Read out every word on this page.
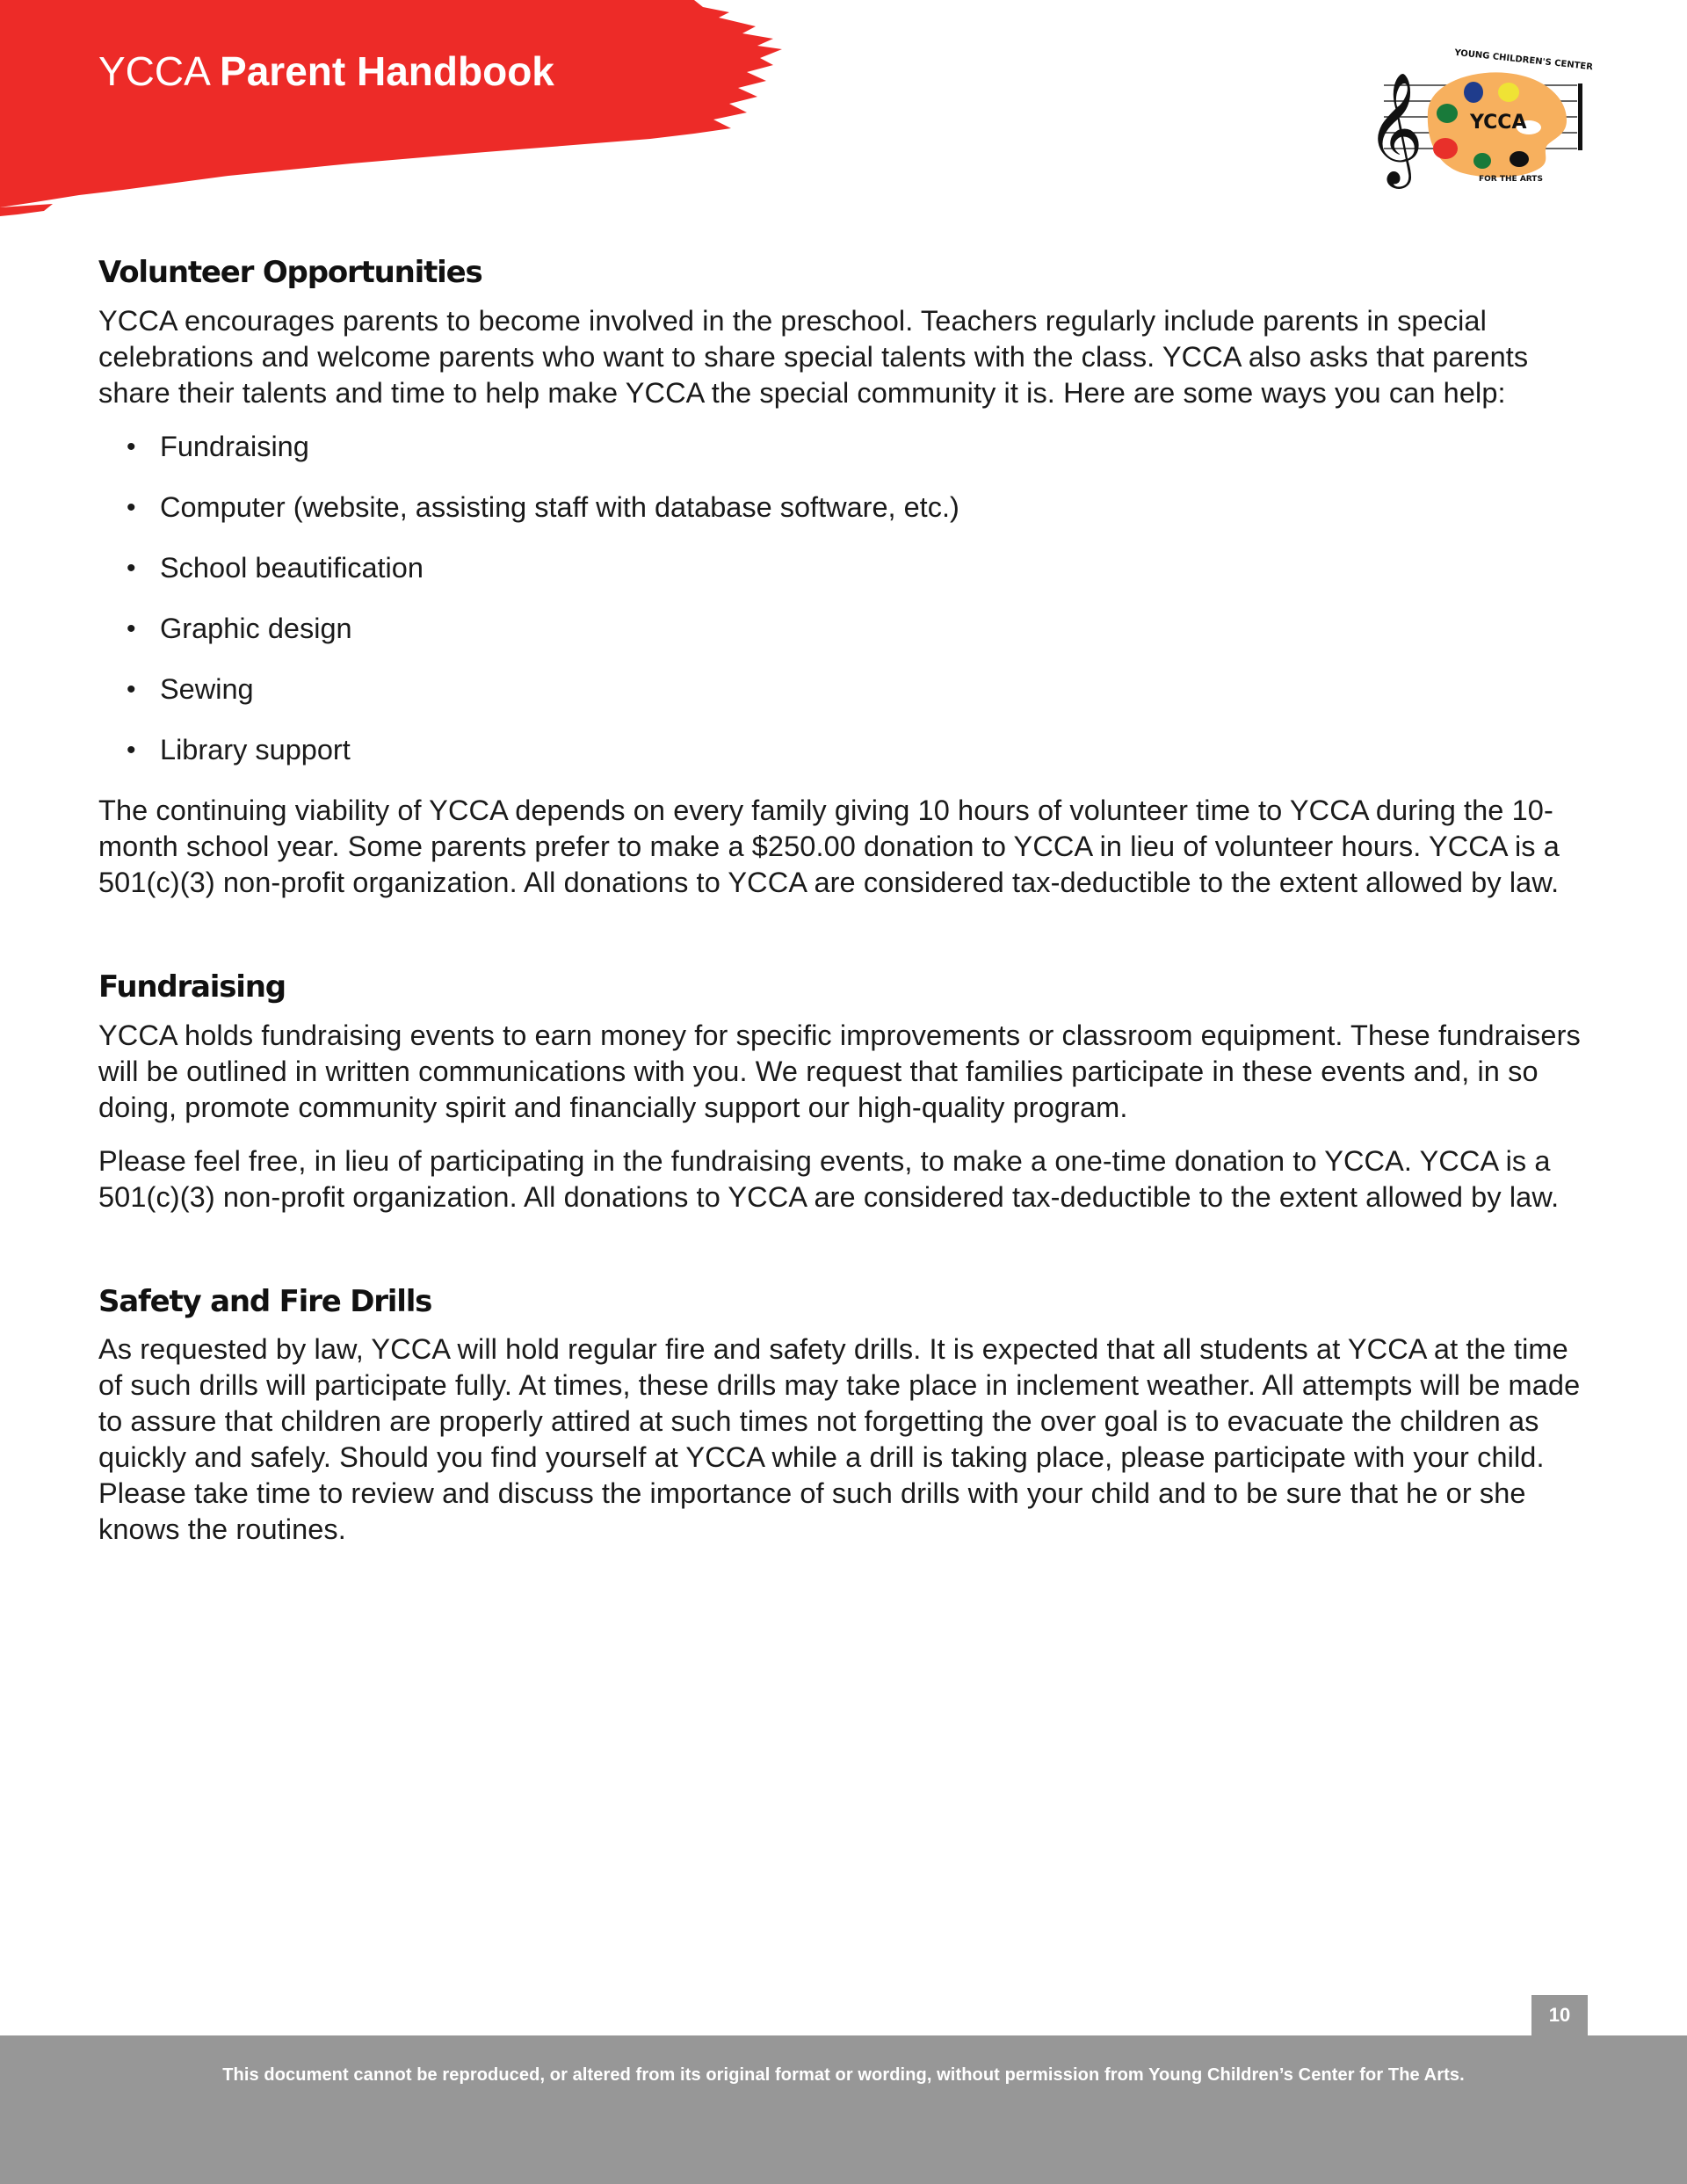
YCCA Parent Handbook	𝄞
YOUNG CHILDREN'S CENTER
YCCA
FOR THE ARTS
Volunteer Opportunities

YCCA encourages parents to become involved in the preschool. Teachers regularly include parents in special celebrations and welcome parents who want to share special talents with the class. YCCA also asks that parents share their talents and time to help make YCCA the special community it is. Here are some ways you can help:

• Fundraising
• Computer (website, assisting staff with database software, etc.)
• School beautification
• Graphic design
• Sewing
• Library support

The continuing viability of YCCA depends on every family giving 10 hours of volunteer time to YCCA during the 10-month school year. Some parents prefer to make a $250.00 donation to YCCA in lieu of volunteer hours. YCCA is a 501(c)(3) non-profit organization. All donations to YCCA are considered tax-deductible to the extent allowed by law.

Fundraising

YCCA holds fundraising events to earn money for specific improvements or classroom equipment. These fundraisers will be outlined in written communications with you. We request that families participate in these events and, in so doing, promote community spirit and financially support our high-quality program.

Please feel free, in lieu of participating in the fundraising events, to make a one-time donation to YCCA. YCCA is a 501(c)(3) non-profit organization. All donations to YCCA are considered tax-deductible to the extent allowed by law.

Safety and Fire Drills

As requested by law, YCCA will hold regular fire and safety drills. It is expected that all students at YCCA at the time of such drills will participate fully. At times, these drills may take place in inclement weather. All attempts will be made to assure that children are properly attired at such times not forgetting the over goal is to evacuate the children as quickly and safely. Should you find yourself at YCCA while a drill is taking place, please participate with your child. Please take time to review and discuss the importance of such drills with your child and to be sure that he or she knows the routines.

10
This document cannot be reproduced, or altered from its original format or wording, without permission from Young Children’s Center for The Arts.
